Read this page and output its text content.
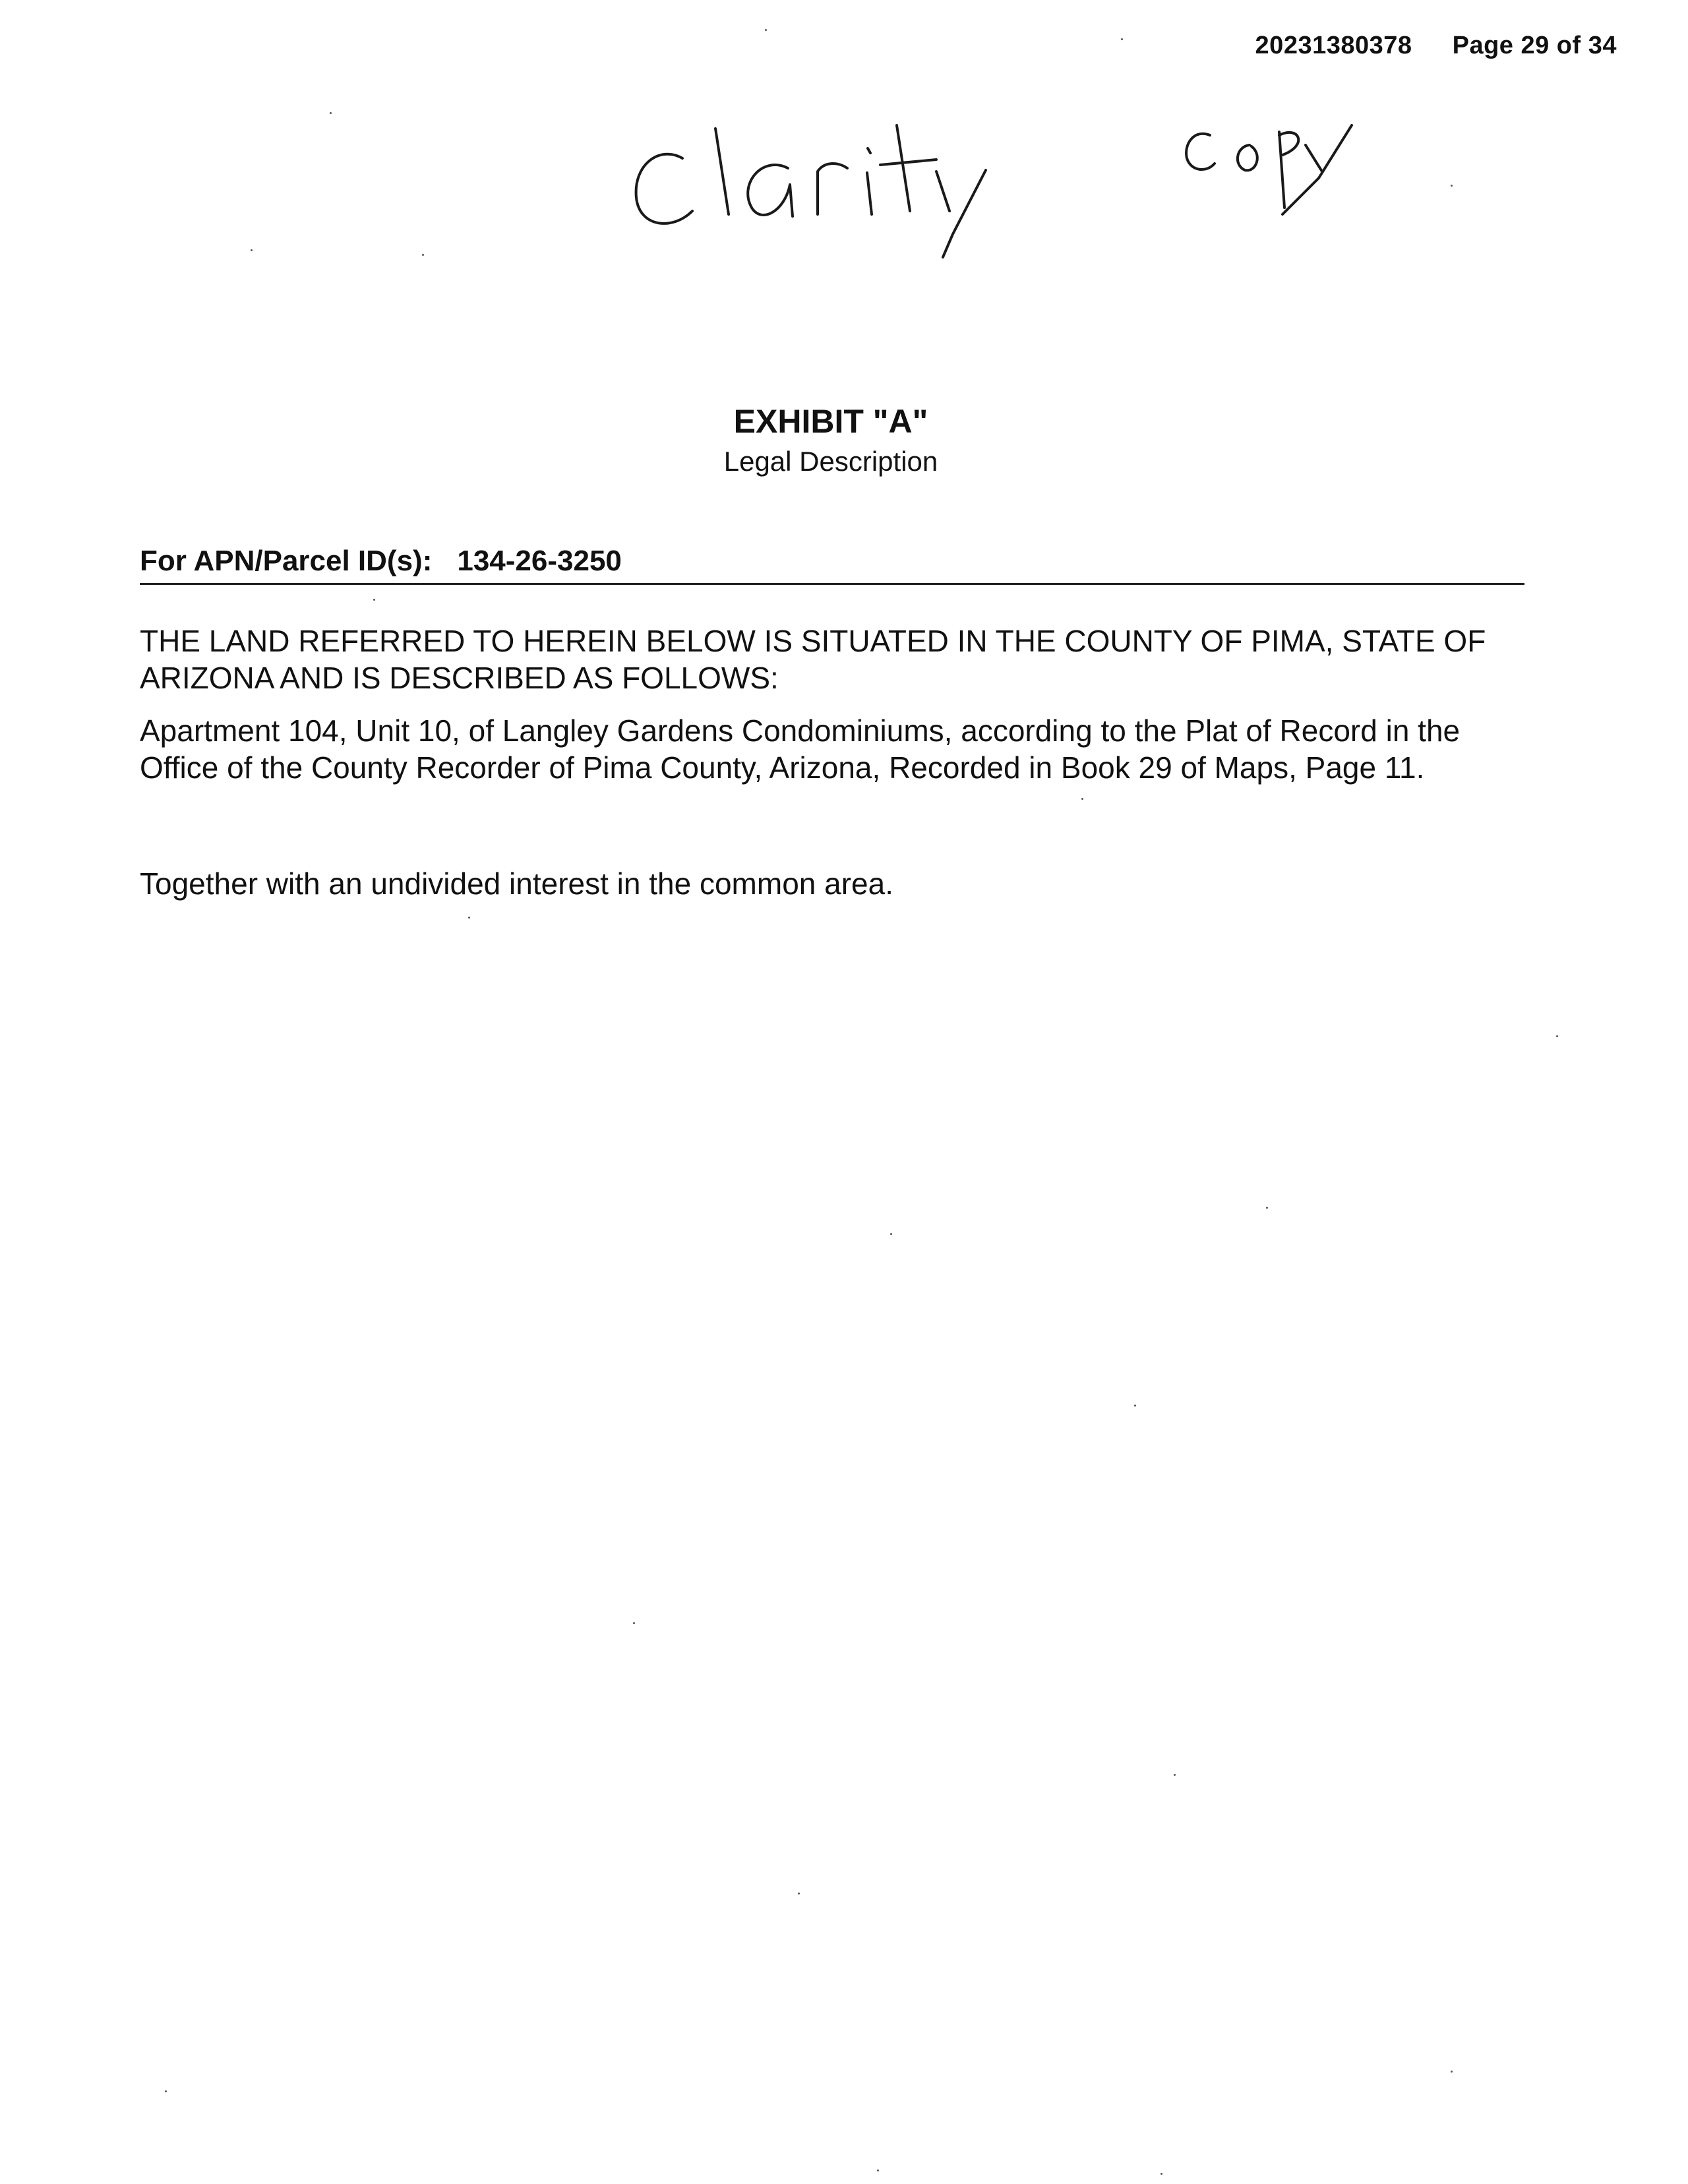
20231380378 Page 29 of 34
EXHIBIT "A"
Legal Description
For APN/Parcel ID(s): 134-26-3250
THE LAND REFERRED TO HEREIN BELOW IS SITUATED IN THE COUNTY OF PIMA, STATE OF ARIZONA AND IS DESCRIBED AS FOLLOWS:
Apartment 104, Unit 10, of Langley Gardens Condominiums, according to the Plat of Record in the Office of the County Recorder of Pima County, Arizona, Recorded in Book 29 of Maps, Page 11.
Together with an undivided interest in the common area.
